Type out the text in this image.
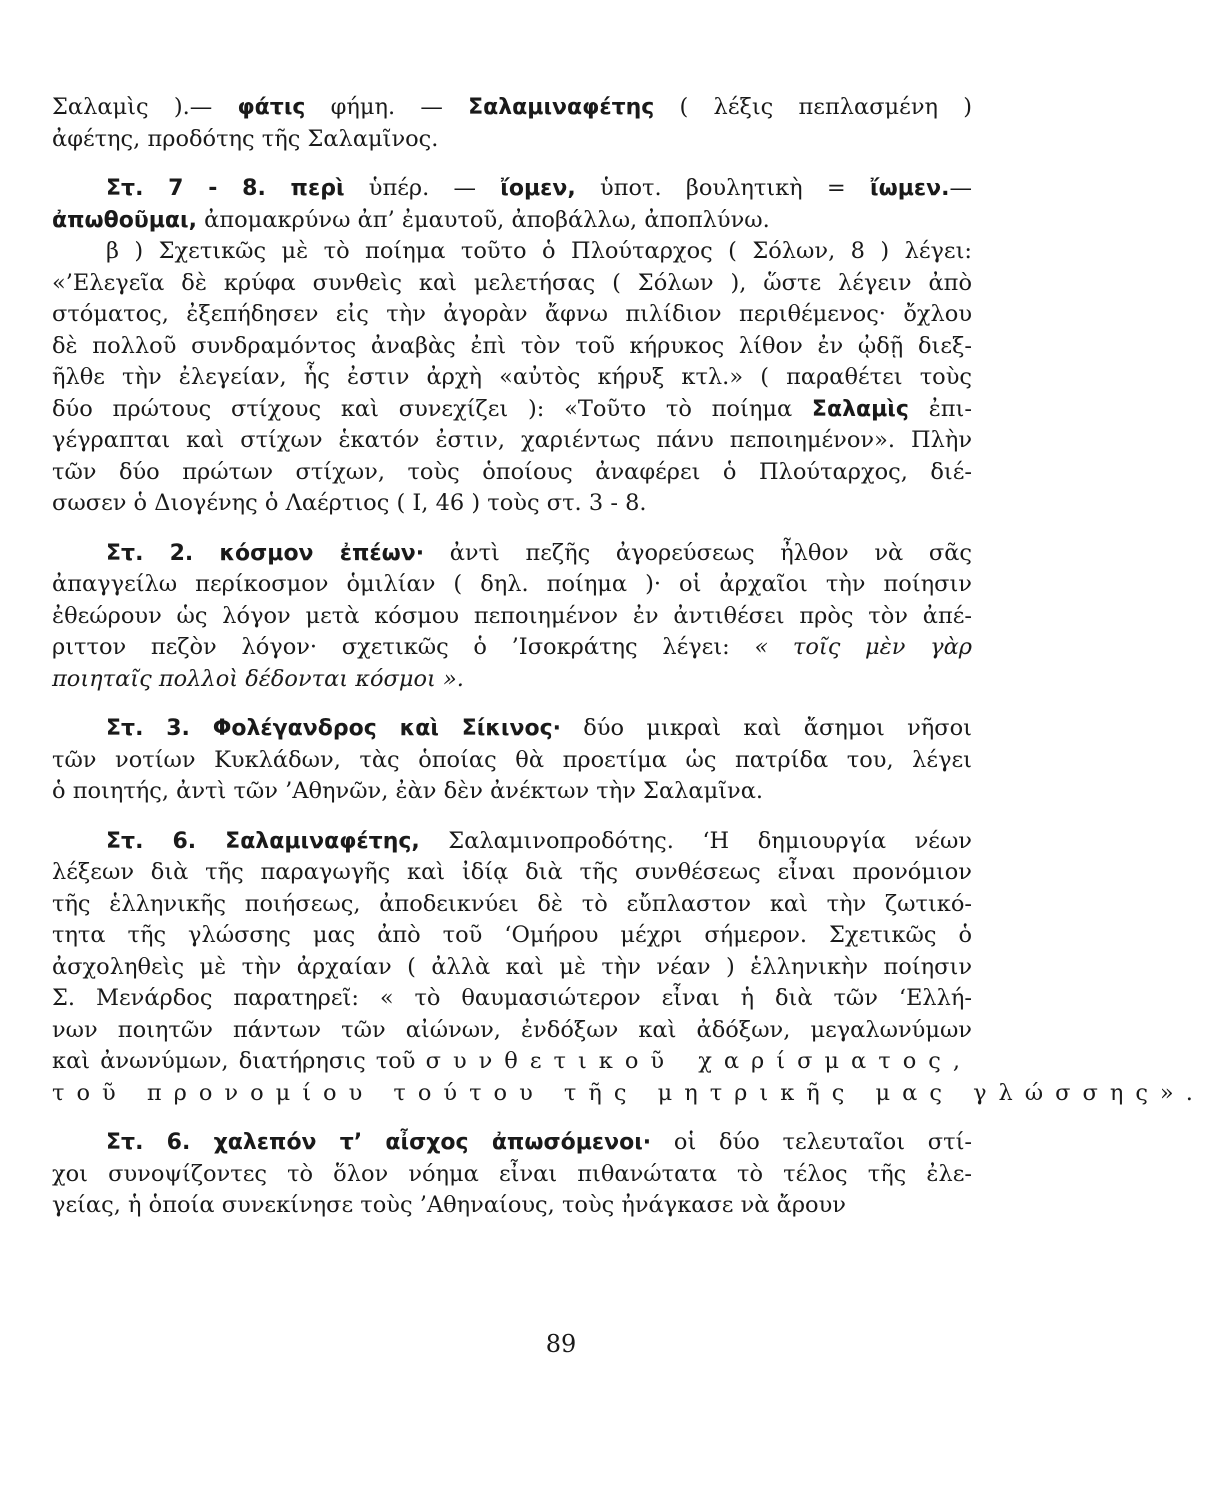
Σαλαμὶς ).— φάτις φήμη. — Σαλαμιναφέτης ( λέξις πεπλασμένη )
ἀφέτης, προδότης τῆς Σαλαμῖνος.
Στ. 7 - 8. περὶ ὑπέρ. — ἴομεν, ὑποτ. βουλητικὴ = ἴωμεν.—
ἀπωθοῦμαι, ἀπομακρύνω ἀπ’ ἐμαυτοῦ, ἀποβάλλω, ἀποπλύνω.
β ) Σχετικῶς μὲ τὸ ποίημα τοῦτο ὁ Πλούταρχος ( Σόλων, 8 ) λέγει:
«’Ελεγεῖα δὲ κρύφα συνθεὶς καὶ μελετήσας ( Σόλων ), ὥστε λέγειν ἀπὸ
στόματος, ἐξεπήδησεν εἰς τὴν ἀγορὰν ἄφνω πιλίδιον περιθέμενος· ὄχλου
δὲ πολλοῦ συνδραμόντος ἀναβὰς ἐπὶ τὸν τοῦ κήρυκος λίθον ἐν ᾠδῇ διεξ-
ῆλθε τὴν ἐλεγείαν, ἧς ἐστιν ἀρχὴ «αὐτὸς κήρυξ κτλ.» ( παραθέτει τοὺς
δύο πρώτους στίχους καὶ συνεχίζει ): «Τοῦτο τὸ ποίημα Σαλαμὶς ἐπι-
γέγραπται καὶ στίχων ἑκατόν ἐστιν, χαριέντως πάνυ πεποιημένον». Πλὴν
τῶν δύο πρώτων στίχων, τοὺς ὁποίους ἀναφέρει ὁ Πλούταρχος, διέ-
σωσεν ὁ Διογένης ὁ Λαέρτιος ( Ι, 46 ) τοὺς στ. 3 - 8.
Στ. 2. κόσμον ἐπέων· ἀντὶ πεζῆς ἀγορεύσεως ἦλθον νὰ σᾶς
ἀπαγγείλω περίκοσμον ὁμιλίαν ( δηλ. ποίημα )· οἱ ἀρχαῖοι τὴν ποίησιν
ἐθεώρουν ὡς λόγον μετὰ κόσμου πεποιημένον ἐν ἀντιθέσει πρὸς τὸν ἀπέ-
ριττον πεζὸν λόγον· σχετικῶς ὁ ’Ισοκράτης λέγει: « τοῖς μὲν γὰρ
ποιηταῖς πολλοὶ δέδονται κόσμοι ».
Στ. 3. Φολέγανδρος καὶ Σίκινος· δύο μικραὶ καὶ ἄσημοι νῆσοι
τῶν νοτίων Κυκλάδων, τὰς ὁποίας θὰ προετίμα ὡς πατρίδα του, λέγει
ὁ ποιητής, ἀντὶ τῶν ’Αθηνῶν, ἐὰν δὲν ἀνέκτων τὴν Σαλαμῖνα.
Στ. 6. Σαλαμιναφέτης, Σαλαμινοπροδότης. ‘Η δημιουργία νέων
λέξεων διὰ τῆς παραγωγῆς καὶ ἰδίᾳ διὰ τῆς συνθέσεως εἶναι προνόμιον
τῆς ἑλληνικῆς ποιήσεως, ἀποδεικνύει δὲ τὸ εὔπλαστον καὶ τὴν ζωτικό-
τητα τῆς γλώσσης μας ἀπὸ τοῦ ‘Ομήρου μέχρι σήμερον. Σχετικῶς ὁ
ἀσχοληθεὶς μὲ τὴν ἀρχαίαν ( ἀλλὰ καὶ μὲ τὴν νέαν ) ἑλληνικὴν ποίησιν
Σ. Μενάρδος παρατηρεῖ: « τὸ θαυμασιώτερον εἶναι ἡ διὰ τῶν ‘Ελλή-
νων ποιητῶν πάντων τῶν αἰώνων, ἐνδόξων καὶ ἀδόξων, μεγαλωνύμων
καὶ ἀνωνύμων, διατήρησις τοῦ συνθετικοῦ χαρίσματος,
τοῦ προνομίου τούτου τῆς μητρικῆς μας γλώσσης».
Στ. 6. χαλεπόν τ’ αἶσχος ἀπωσόμενοι· οἱ δύο τελευταῖοι στί-
χοι συνοψίζοντες τὸ ὅλον νόημα εἶναι πιθανώτατα τὸ τέλος τῆς ἐλε-
γείας, ἡ ὁποία συνεκίνησε τοὺς ’Αθηναίους, τοὺς ἠνάγκασε νὰ ἄρουν
89
